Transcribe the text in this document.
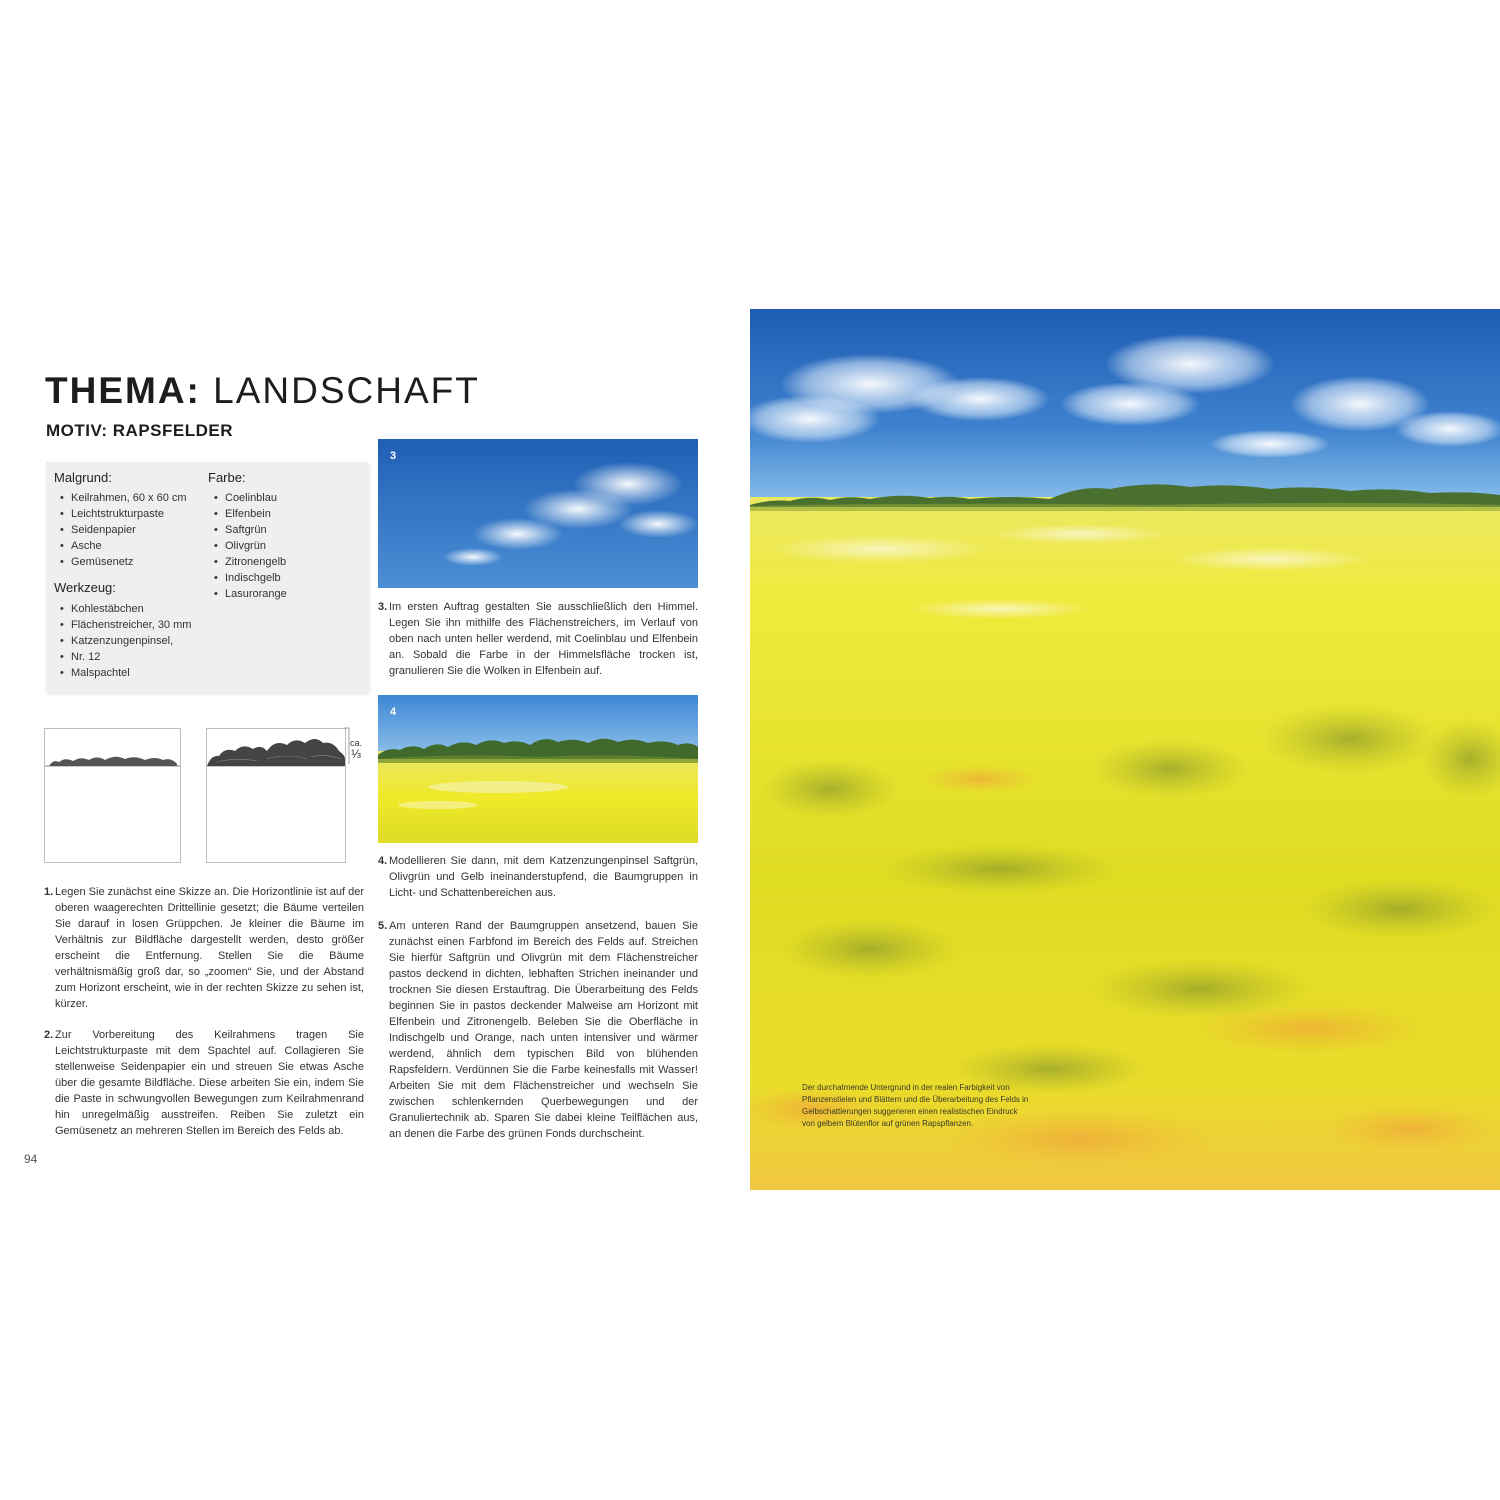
THEMA: LANDSCHAFT
MOTIV: RAPSFELDER
Malgrund:
• Keilrahmen, 60 x 60 cm
• Leichtstrukturpaste
• Seidenpapier
• Asche
• Gemüsenetz
Werkzeug:
• Kohlestäbchen
• Flächenstreicher, 30 mm
• Katzenzungenpinsel,
• Nr. 12
• Malspachtel
Farbe:
• Coelinblau
• Elfenbein
• Saftgrün
• Olivgrün
• Zitronengelb
• Indischgelb
• Lasurorange
ca.
⅓
3
4
3. Im ersten Auftrag gestalten Sie ausschließlich den Himmel. Legen Sie ihn mithilfe des Flächenstreichers, im Verlauf von oben nach unten heller werdend, mit Coelinblau und Elfenbein an. Sobald die Farbe in der Himmelsfläche trocken ist, granulieren Sie die Wolken in Elfenbein auf.
4. Modellieren Sie dann, mit dem Katzenzungenpinsel Saftgrün, Olivgrün und Gelb ineinanderstupfend, die Baumgruppen in Licht- und Schattenbereichen aus.
5. Am unteren Rand der Baumgruppen ansetzend, bauen Sie zunächst einen Farbfond im Bereich des Felds auf. Streichen Sie hierfür Saftgrün und Olivgrün mit dem Flächenstreicher pastos deckend in dichten, lebhaften Strichen ineinander und trocknen Sie diesen Erstauftrag. Die Überarbeitung des Felds beginnen Sie in pastos deckender Malweise am Horizont mit Elfenbein und Zitronengelb. Beleben Sie die Oberfläche in Indischgelb und Orange, nach unten intensiver und wärmer werdend, ähnlich dem typischen Bild von blühenden Rapsfeldern. Verdünnen Sie die Farbe keinesfalls mit Wasser! Arbeiten Sie mit dem Flächenstreicher und wechseln Sie zwischen schlenkernden Querbewegungen und der Granuliertechnik ab. Sparen Sie dabei kleine Teilflächen aus, an denen die Farbe des grünen Fonds durchscheint.
1. Legen Sie zunächst eine Skizze an. Die Horizontlinie ist auf der oberen waagerechten Drittellinie gesetzt; die Bäume verteilen Sie darauf in losen Grüppchen. Je kleiner die Bäume im Verhältnis zur Bildfläche dargestellt werden, desto größer erscheint die Entfernung. Stellen Sie die Bäume verhältnismäßig groß dar, so „zoomen“ Sie, und der Abstand zum Horizont erscheint, wie in der rechten Skizze zu sehen ist, kürzer.
2. Zur Vorbereitung des Keilrahmens tragen Sie Leichtstrukturpaste mit dem Spachtel auf. Collagieren Sie stellenweise Seidenpapier ein und streuen Sie etwas Asche über die gesamte Bildfläche. Diese arbeiten Sie ein, indem Sie die Paste in schwungvollen Bewegungen zum Keilrahmenrand hin unregelmäßig ausstreifen. Reiben Sie zuletzt ein Gemüsenetz an mehreren Stellen im Bereich des Felds ab.
94
Der durchatmende Untergrund in der realen Farbigkeit von Pflanzenstielen und Blättern und die Überarbeitung des Felds in Gelbschattierungen suggerieren einen realistischen Eindruck von gelbem Blütenflor auf grünen Rapspflanzen.
